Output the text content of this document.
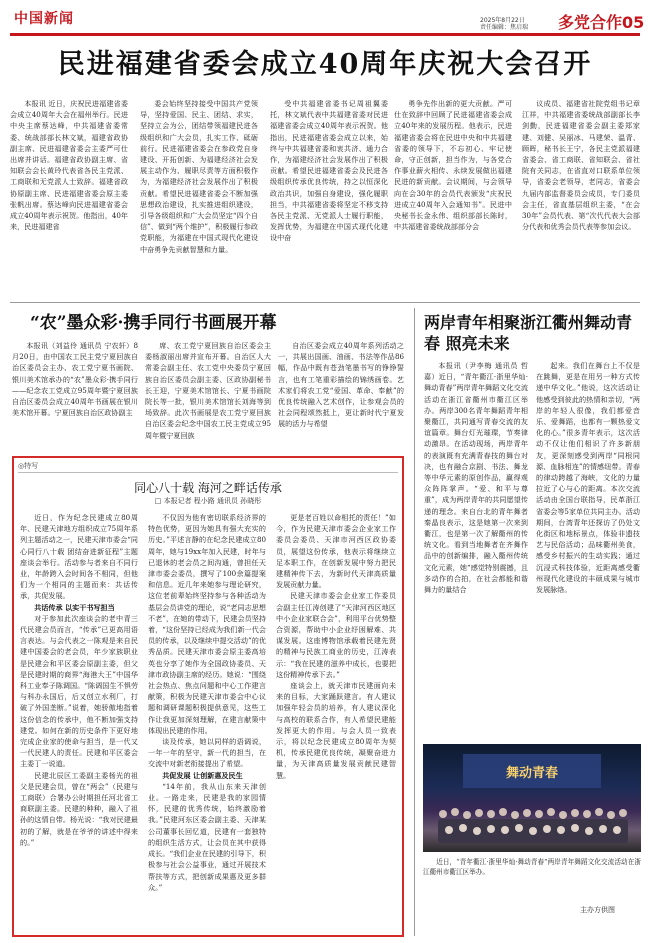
中国新闻	2025年8月22日
责任编辑：焦启瑞 多党合作05
民进福建省委会成立40周年庆祝大会召开

本报讯 近日，庆祝民进福建省委会成立40周年大会在福州举行。民进中央主席蔡达峰，中共福建省委常委、统战部部长林文斌，福建省政协副主席、民进福建省委会主委严可仕出席并讲话。福建省政协副主席、省知联会会长黄玲代表省各民主党派、工商联和无党派人士致辞。福建省政协原副主席、民进福建省委会原主委张帆出席。蔡达峰向民进福建省委会成立40周年表示祝贺。他指出，40年来，民进福建省

委会始终坚持接受中国共产党领导，坚持爱国、民主、团结、求实，坚持立会为公，团结带领福建民进各级组织和广大会员，扎实工作、砥砺前行。民进福建省委会在参政党自身建设、开拓创新、为福建经济社会发展主动作为、履职尽责等方面积极作为，为福建经济社会发展作出了积极贡献。希望民进福建省委会不断加强思想政治建设，扎实推进组织建设，引导各级组织和广大会员坚定“四个自信”、做到“两个维护”，积极履行参政党职能，为福建在中国式现代化建设中奋勇争先贡献智慧和力量。

受中共福建省委书记周祖翼委托，林文斌代表中共福建省委对民进福建省委会成立40周年表示祝贺。他指出，民进福建省委会成立以来，始终与中共福建省委和衷共济、通力合作，为福建经济社会发展作出了积极贡献。希望民进福建省委会及民进各级组织传承优良传统，持之以恒深化政治共识，加强自身建设，强化履职担当，中共福建省委将坚定不移支持各民主党派、无党派人士履行职能，发挥优势，为福建在中国式现代化建设中奋

勇争先作出新的更大贡献。严可仕在致辞中回顾了民进福建省委会成立40年来的发展历程。他表示，民进福建省委会将在民进中央和中共福建省委的领导下，不忘初心、牢记使命，守正创新，担当作为，与各党合作事业薪火相传、永续发展做出福建民进的新贡献。会议期间，与会领导向在会30年的会员代表颁发“庆祝民进成立40周年入会通知书”。民进中央秘书长金永伟、组织部部长陈时，中共福建省委统战部部分会

议成员、福建省社院党组书记章江祥，中共福建省委统战部副部长李剑勤，民进福建省委会副主委郑家建、刘健、吴丽冰、马建荣、温青、顾晖，秘书长王宁，各民主党派福建省委会、省工商联、省知联会、省社院有关同志，在省直对口联系单位领导，省委会老领导，老同志，省委会九届内部监督委员会成员，专门委员会主任，省直基层组织主委，“在会30年”会员代表、第“次代代表大会部分代表和优秀会员代表等参加会议。

“农”墨众彩·携手同行书画展开幕

本报讯（刘益伶 通讯员 宁农轩）8月20日，由中国农工民主党宁夏回族自治区委员会主办、农工党宁夏书画院、银川美术馆承办的“农”墨众彩·携手同行——纪念农工党成立95周年暨宁夏回族自治区委员会成立40周年书画展在银川美术馆开幕。宁夏回族自治区政协副主

席、农工党宁夏回族自治区委会主委杨淑丽出席并宣布开幕。自治区人大常委会副主任、农工党中央委员宁夏回族自治区委员会副主委、区政协副秘书长王迎，宁夏美术馆馆长、宁夏书画院院长等一批，银川美术馆馆长刘海等到场致辞。此次书画展是农工党宁夏回族自治区委会纪念中国农工民主党成立95周年暨宁夏回族

自治区委会成立40周年系列活动之一，共展出国画、油画、书法等作品86幅，作品中既有苍劲笔墨书写的铮铮誓言，也有工笔重彩描绘的锦绣画卷。艺术家们将农工党“爱国、革命、奉献”的优良传统融入艺术创作，让参观会员的社会同程颂然抵上，更让新时代宁夏发展的活力与希望

两岸青年相聚浙江衢州舞动青春 照亮未来

本报讯（尹李梅 通讯员 哲嘉）近日，“青年衢江·浙里华灿·舞动青春”两岸青年舞蹈文化交流活动在浙江省衢州市衢江区举办。两岸300名青年舞蹈青年相聚衢江，共同通写青春交流的友谊篇章。舞台灯光璀璨，节奏律动激昂。在活动现场，两岸青年的表演既有充满青春技的舞台对决，也有融合京剧、书法、舞龙等中华元素的原创作品，赢得观众阵阵掌声。“爱、和平与尊重”，成为两岸青年的共同愿望传递的理念。来自台北的青年舞者秦晶良表示，这是她第一次来到衢江，也是第一次了解衢州的传统文化。看到当地舞者在齐舞作品中的创新编排，融入衢州传统文化元素，她“感觉特别震撼，且多动作的合拍，在社会都能和谐舞力的量结合

起来。我们在舞台上不仅是在跳舞，更是在用另一种方式传递中华文化。”他说，这次活动让他感受到彼此的热情和亲切，“两岸的年轻人很像，我们都爱音乐、爱舞蹈，也都有一颗热爱文化的心。”很多青年表示，这次活动不仅让他们相识了许多新朋友，更深刻感受到两岸“同根同源、血脉相连”的情感纽带。青春的律动跨越了海峡，文化的力量拉近了心与心的距离。本次交流活动由全国台联指导，民革浙江省委会等5家单位共同主办。活动期间，台湾青年还探访了仍处文化街区和地标景点，体验非遗技艺与民俗活动；品味衢州美食，感受乡村振兴的生动实践；通过沉浸式科技体验，近距离感受衢州现代化建设的丰硕成果与城市发展脉络。

舞动青春
近日，“青年衢江·浙里华灿·舞动青春”两岸青年舞蹈文化交流活动在浙江衢州市衢江区举办。
主办方供图
◎特写
同心八十载 海河之畔话传承
□ 本报记者 程小路 通讯员 孙晓彤

近日，作为纪念民建成立80周年、民建天津地方组织成立75周年系列主题活动之一，民建天津市委会“同心同行八十载 团结奋进新征程”主题座谈会举行。活动参与者来自不同行业，年龄跨入会时间各不相同，但他们为一个相同的主题而来：共话传承，共促发展。

共话传承 以实干书写担当

对于参加此次座谈会的老中青三代民建会员而言，“传承”已更高用语言表达。与会代表之一陈观是来自民建中国委会的老会员，年少家族职业是民建会和平区委会原副主委，但父是民建时期的商界“海港大王”中国华科工业奉子陈调国。“陈调国生不惧劳与科办永国后，后又创立水利厂，打破了外国垄断。”说着，她骄傲地指着这份信念的传承中，他不断加强支持建党。如何在新的历史条件下更好地完成企业家的使命与担当，是一代又一代民建人的责任。民建和平区委会主委丁一说道。

民建北辰区工委副主委杨光的祖父是民建会员，曾在“两会”（民建与工商联）合署办公时期担任河北省工商联副主委。民建的种种，融入了祖孙的这情自带。杨光说：“我对民建最初的了解，就是在爷爷的讲述中得来的。”

不仅因为他有密切联系经济界的特色优势，更因为她具有强大充实的历史。”平述言静的在纪念民建成立80周年，她与19xx年加入民建，时年与已退休的老会员之间沟通，曾担任天津市委会委员，撰写了100余篇提案和信息。近几年来她参与理论研究，这位老前辈始终坚持参与各种活动为基层会员讲党的理论，说“老同志思想不老”，在她的带动下，民建会员坚持着，“这份坚持已经成为我们新一代会员的传承，以及继续中提交活动”的优秀品质。民建天津市委会原主委高培英也分享了她作为全国政协委员、天津市政协副主席的经历。她说：“围绕社会热点、焦点问题和中心工作建言献策，积极为民建天津市委会中心议题和调研课题积极提供意见，这些工作让我更加深刻理解，在建言献策中体现出民建的作用。

谈及传承，她以同样的语调说，一年一年的坚守，新一代的担当，在交流中对新老衔接提出了希望。

共促发展 让创新惠及民生

“14年前，我从山东来天津创业。一路走来，民建是我的家园情怀，民建的优秀传统，始终激励着我。”民建河东区委会副主委、天津某公司董事长回忆道，民建有一套独特的组织生活方式，让会员在其中获得成长。“我们企业在民建的引导下，积极参与社会公益事业，通过开展技术帮扶等方式，把创新成果惠及更多群众。”

更是老百姓以命相托的责任！”如今，作为民建天津市委会企业家工作委员会委员、天津市河西区政协委员，展望这份传承，他表示将继续立足本职工作，在创新发展中努力把民建精神传下去，为新时代天津高质量发展贡献力量。

民建天津市委会企业家工作委员会副主任江涛创建了“天津河西区地区中小企业家联合会”，利用平台优势整合资源，帮助中小企业纾困解难、共谋发展。这座博物馆承载着民建先贤的精神与民族工商业的历史，江涛表示：“我在民建的滋养中成长，也要把这份精神传承下去。”

座谈会上，就天津市民建面向未来的目标，大家踊跃建言。有人建议加强年轻会员的培养，有人建议深化与高校的联系合作，有人希望民建能发挥更大的作用。与会人员一致表示，将以纪念民建成立80周年为契机，传承民建优良传统，凝聚奋进力量，为天津高质量发展贡献民建智慧。
